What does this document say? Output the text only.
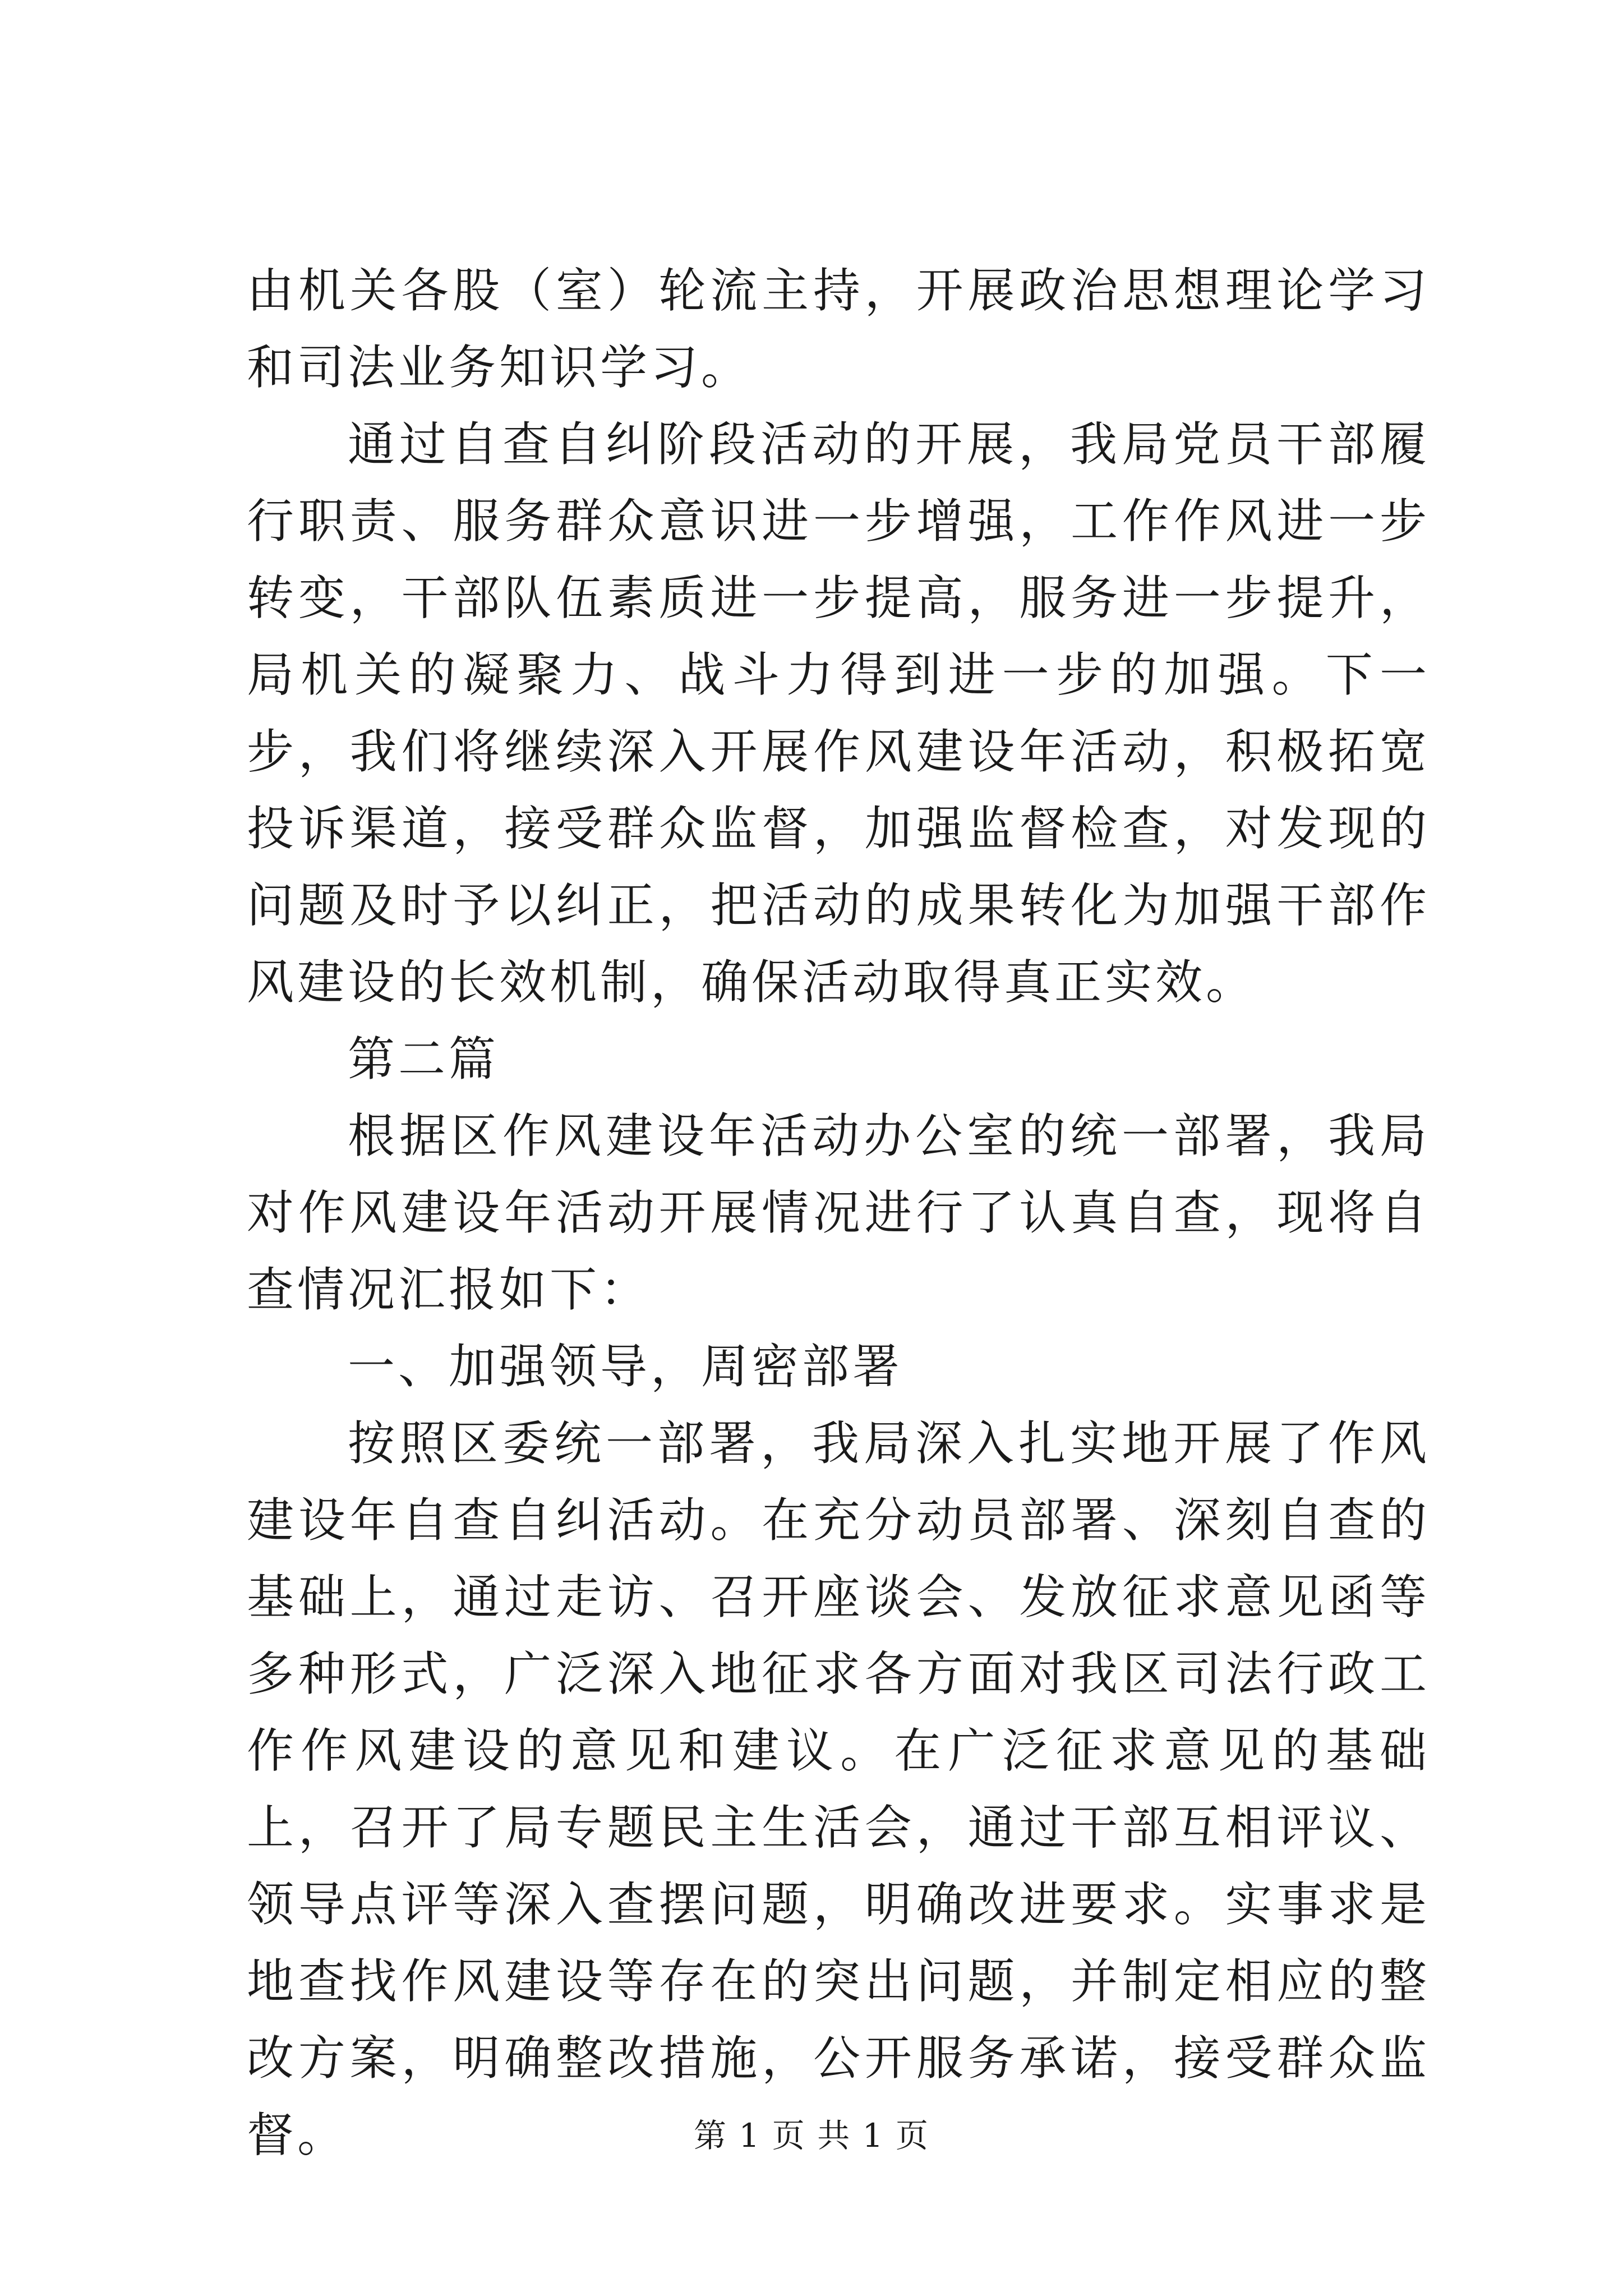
由机关各股（室）轮流主持，开展政治思想理论学习和司法业务知识学习。

通过自查自纠阶段活动的开展，我局党员干部履行职责、服务群众意识进一步增强，工作作风进一步转变，干部队伍素质进一步提高，服务进一步提升，局机关的凝聚力、战斗力得到进一步的加强。下一步，我们将继续深入开展作风建设年活动，积极拓宽投诉渠道，接受群众监督，加强监督检查，对发现的问题及时予以纠正，把活动的成果转化为加强干部作风建设的长效机制，确保活动取得真正实效。

第二篇

根据区作风建设年活动办公室的统一部署，我局对作风建设年活动开展情况进行了认真自查，现将自查情况汇报如下：

一、加强领导，周密部署

按照区委统一部署，我局深入扎实地开展了作风建设年自查自纠活动。在充分动员部署、深刻自查的基础上，通过走访、召开座谈会、发放征求意见函等多种形式，广泛深入地征求各方面对我区司法行政工作作风建设的意见和建议。在广泛征求意见的基础上，召开了局专题民主生活会，通过干部互相评议、领导点评等深入查摆问题，明确改进要求。实事求是地查找作风建设等存在的突出问题，并制定相应的整改方案，明确整改措施，公开服务承诺，接受群众监督。	第 1 页 共 1 页
